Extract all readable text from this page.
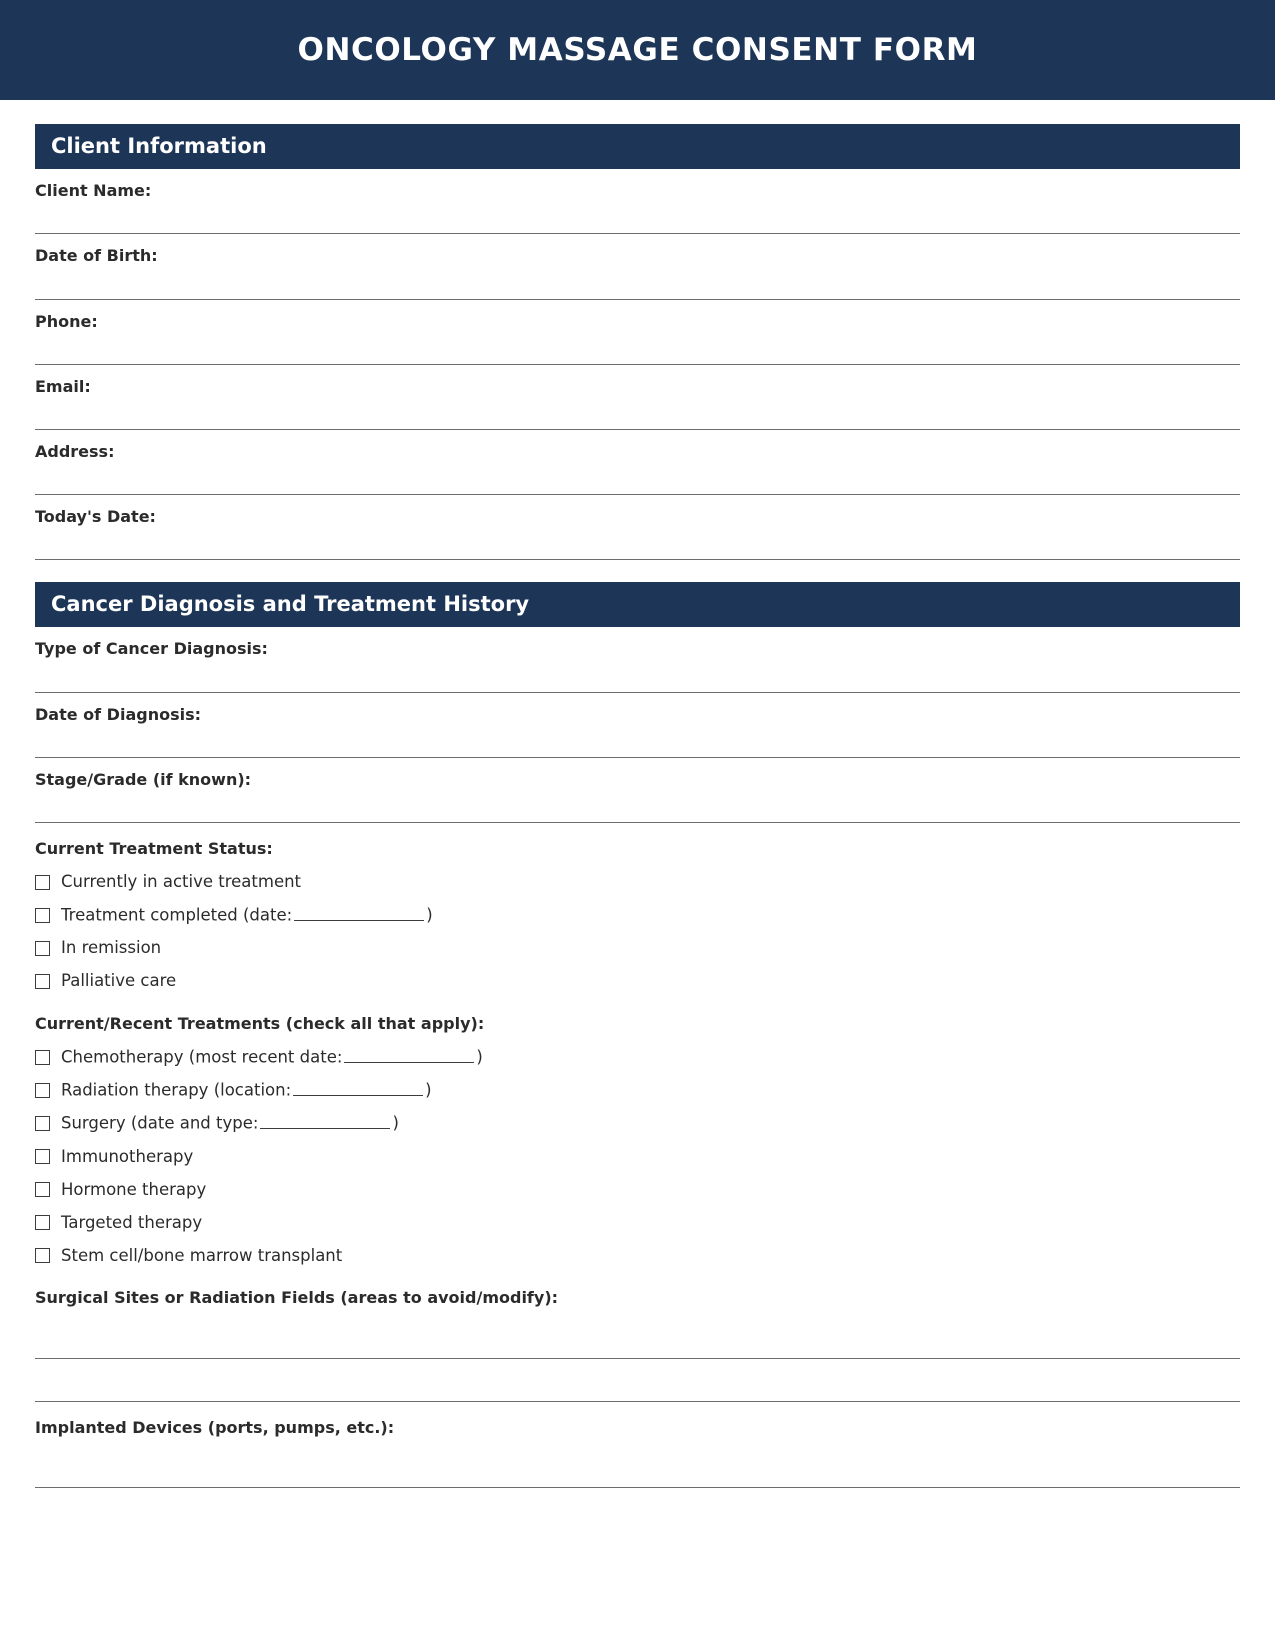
ONCOLOGY MASSAGE CONSENT FORM
Client Information
Client Name:
Date of Birth:
Phone:
Email:
Address:
Today's Date:
Cancer Diagnosis and Treatment History
Type of Cancer Diagnosis:
Date of Diagnosis:
Stage/Grade (if known):
Current Treatment Status:
Currently in active treatment
Treatment completed (date:	)
In remission
Palliative care
Current/Recent Treatments (check all that apply):
Chemotherapy (most recent date:	)
Radiation therapy (location:	)
Surgery (date and type:	)
Immunotherapy
Hormone therapy
Targeted therapy
Stem cell/bone marrow transplant
Surgical Sites or Radiation Fields (areas to avoid/modify):
Implanted Devices (ports, pumps, etc.):
